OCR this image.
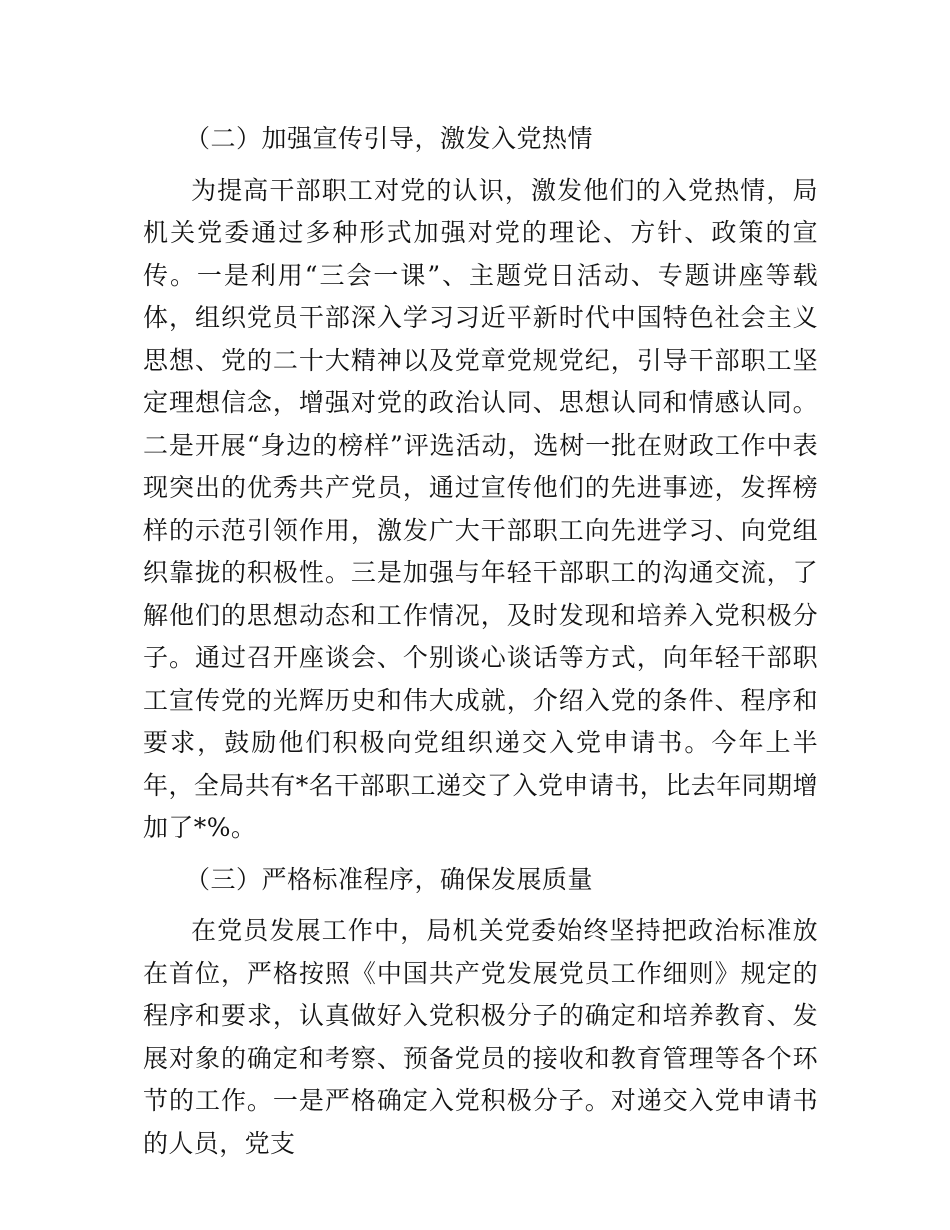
（二）加强宣传引导，激发入党热情
为提高干部职工对党的认识，激发他们的入党热情，局机关党委通过多种形式加强对党的理论、方针、政策的宣传。一是利用“三会一课”、主题党日活动、专题讲座等载体，组织党员干部深入学习习近平新时代中国特色社会主义思想、党的二十大精神以及党章党规党纪，引导干部职工坚定理想信念，增强对党的政治认同、思想认同和情感认同。二是开展“身边的榜样”评选活动，选树一批在财政工作中表现突出的优秀共产党员，通过宣传他们的先进事迹，发挥榜样的示范引领作用，激发广大干部职工向先进学习、向党组织靠拢的积极性。三是加强与年轻干部职工的沟通交流，了解他们的思想动态和工作情况，及时发现和培养入党积极分子。通过召开座谈会、个别谈心谈话等方式，向年轻干部职工宣传党的光辉历史和伟大成就，介绍入党的条件、程序和要求，鼓励他们积极向党组织递交入党申请书。今年上半年，全局共有*名干部职工递交了入党申请书，比去年同期增加了*%。
（三）严格标准程序，确保发展质量
在党员发展工作中，局机关党委始终坚持把政治标准放在首位，严格按照《中国共产党发展党员工作细则》规定的程序和要求，认真做好入党积极分子的确定和培养教育、发展对象的确定和考察、预备党员的接收和教育管理等各个环节的工作。一是严格确定入党积极分子。对递交入党申请书的人员，党支
